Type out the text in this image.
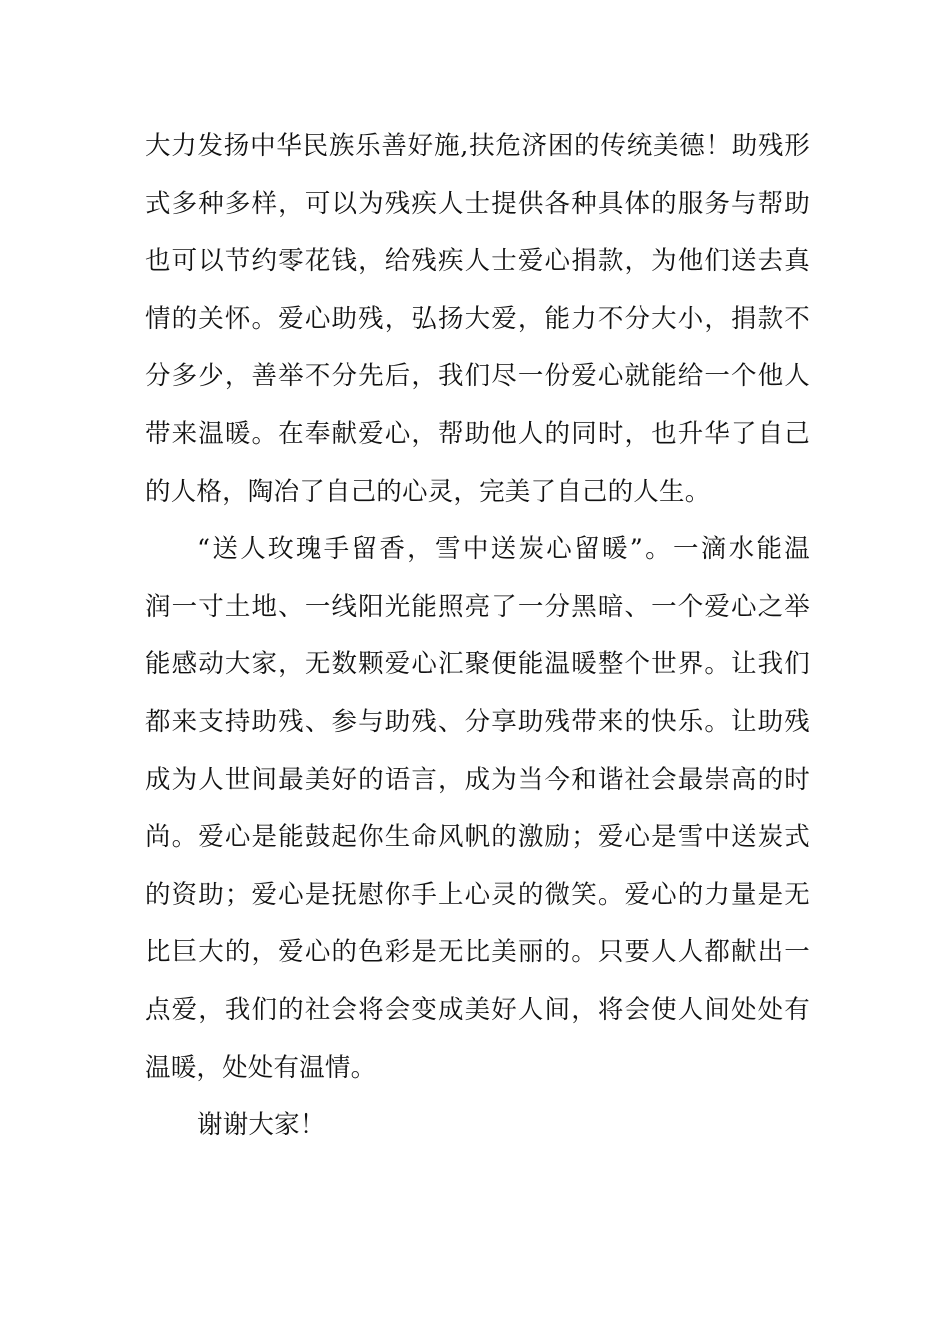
大力发扬中华民族乐善好施,扶危济困的传统美德！助残形
式多种多样，可以为残疾人士提供各种具体的服务与帮助
也可以节约零花钱，给残疾人士爱心捐款，为他们送去真
情的关怀。爱心助残，弘扬大爱，能力不分大小，捐款不
分多少，善举不分先后，我们尽一份爱心就能给一个他人
带来温暖。在奉献爱心，帮助他人的同时，也升华了自己
的人格，陶冶了自己的心灵，完美了自己的人生。
“送人玫瑰手留香，雪中送炭心留暖”。一滴水能温
润一寸土地、一线阳光能照亮了一分黑暗、一个爱心之举
能感动大家，无数颗爱心汇聚便能温暖整个世界。让我们
都来支持助残、参与助残、分享助残带来的快乐。让助残
成为人世间最美好的语言，成为当今和谐社会最崇高的时
尚。爱心是能鼓起你生命风帆的激励；爱心是雪中送炭式
的资助；爱心是抚慰你手上心灵的微笑。爱心的力量是无
比巨大的，爱心的色彩是无比美丽的。只要人人都献出一
点爱，我们的社会将会变成美好人间，将会使人间处处有
温暖，处处有温情。
谢谢大家！
